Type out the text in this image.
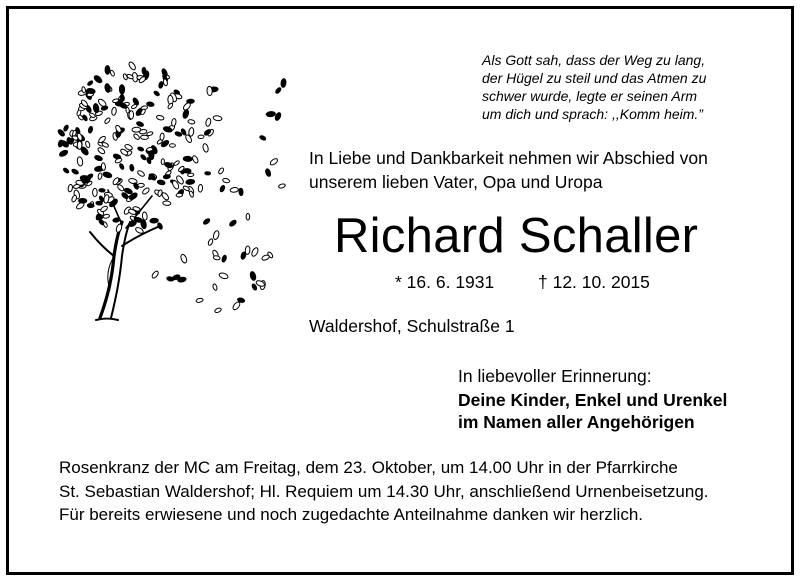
Als Gott sah, dass der Weg zu lang,
der Hügel zu steil und das Atmen zu
schwer wurde, legte er seinen Arm
um dich und sprach: ,,Komm heim.”
In Liebe und Dankbarkeit nehmen wir Abschied von
unserem lieben Vater, Opa und Uropa
Richard Schaller
* 16. 6. 1931	† 12. 10. 2015
Waldershof, Schulstraße 1
In liebevoller Erinnerung:
Deine Kinder, Enkel und Urenkel
im Namen aller Angehörigen
Rosenkranz der MC am Freitag, dem 23. Oktober, um 14.00 Uhr in der Pfarrkirche
St. Sebastian Waldershof; Hl. Requiem um 14.30 Uhr, anschließend Urnenbeisetzung.
Für bereits erwiesene und noch zugedachte Anteilnahme danken wir herzlich.
